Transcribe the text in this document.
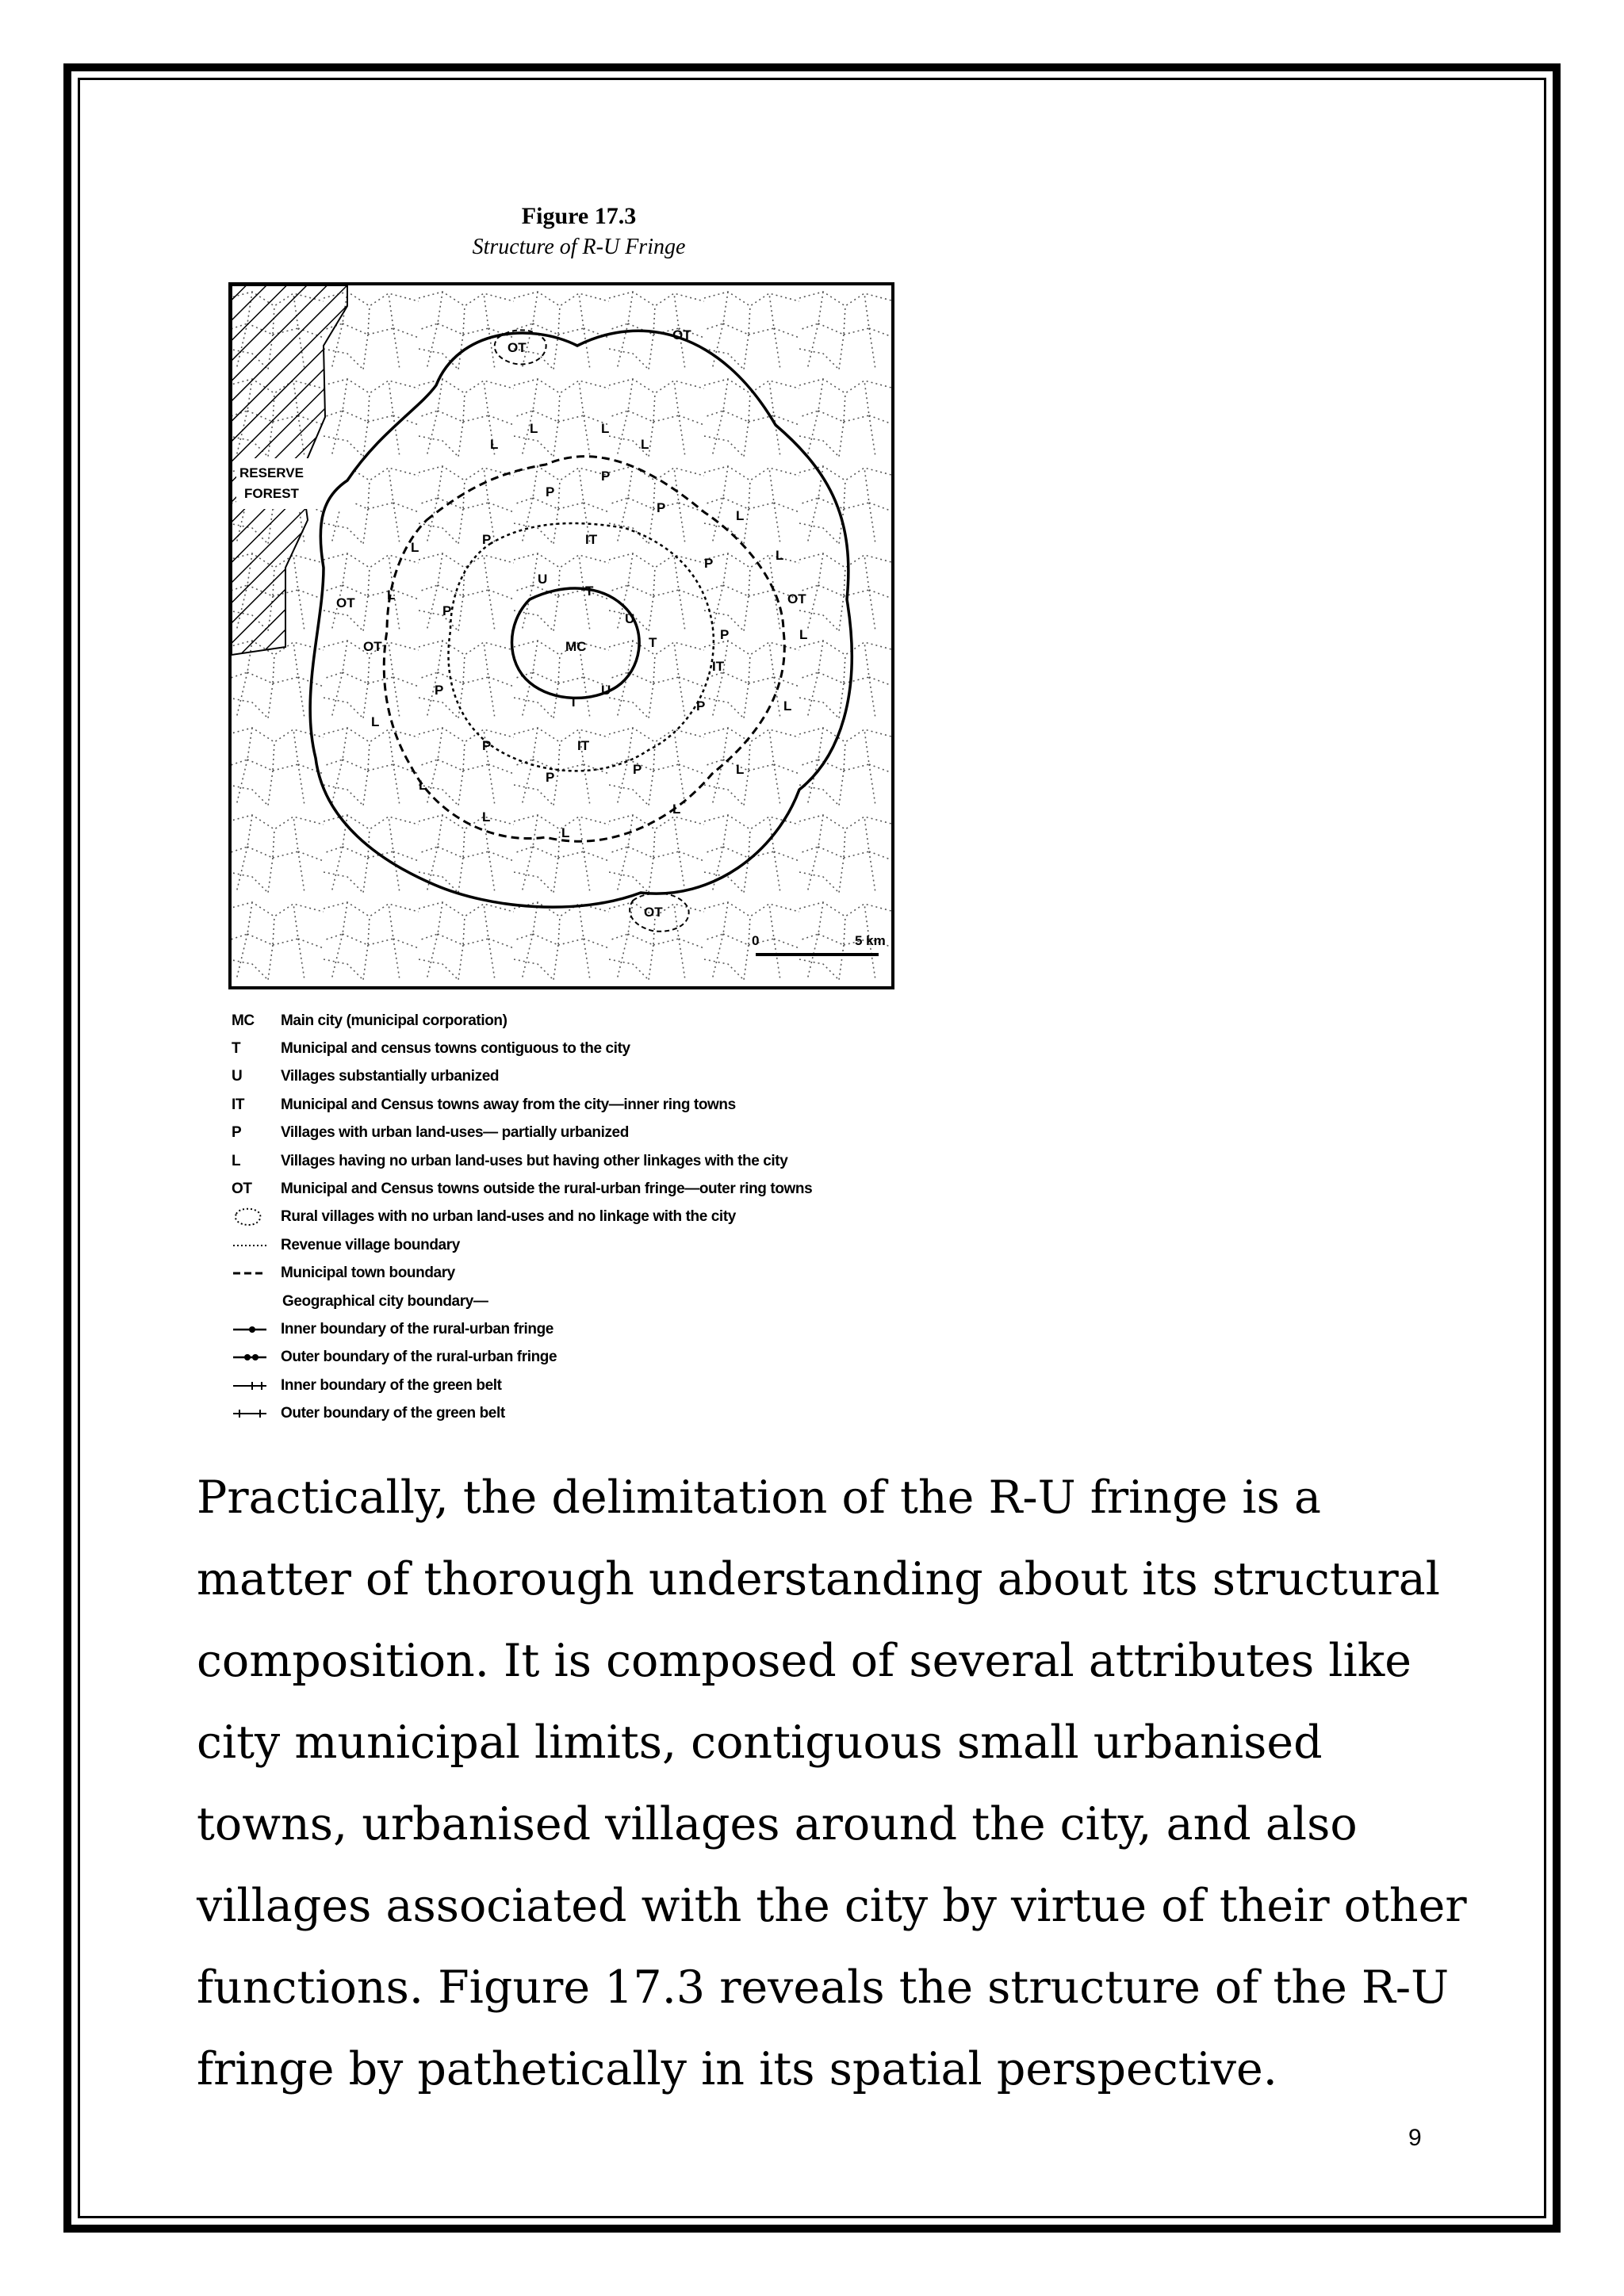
Figure 17.3
Structure of R-U Fringe
RESERVE
FOREST
MC
OT
OT
OT
OT
OT
OT
L
L	L
L
L
L
L
L
L
L
L
L
L
L
L
L
P
P
P
P
P
P
P
P
P
P
P
P	IT
IT
IT
U
U
U
T
T
T
0	5 km
MC Main city (municipal corporation)
T	Municipal and census towns contiguous to the city
U	Villages substantially urbanized
IT Municipal and Census towns away from the city—inner ring towns
P	Villages with urban land-uses— partially urbanized
L	Villages having no urban land-uses but having other linkages with the city
OT Municipal and Census towns outside the rural-urban fringe—outer ring towns
Rural villages with no urban land-uses and no linkage with the city
Revenue village boundary
Municipal town boundary
Geographical city boundary—
Inner boundary of the rural-urban fringe
Outer boundary of the rural-urban fringe
Inner boundary of the green belt
Outer boundary of the green belt
Practically, the delimitation of the R-U fringe is a
matter of thorough understanding about its structural
composition. It is composed of several attributes like
city municipal limits, contiguous small urbanised
towns, urbanised villages around the city, and also
villages associated with the city by virtue of their other
functions. Figure 17.3 reveals the structure of the R-U
fringe by pathetically in its spatial perspective.
9
